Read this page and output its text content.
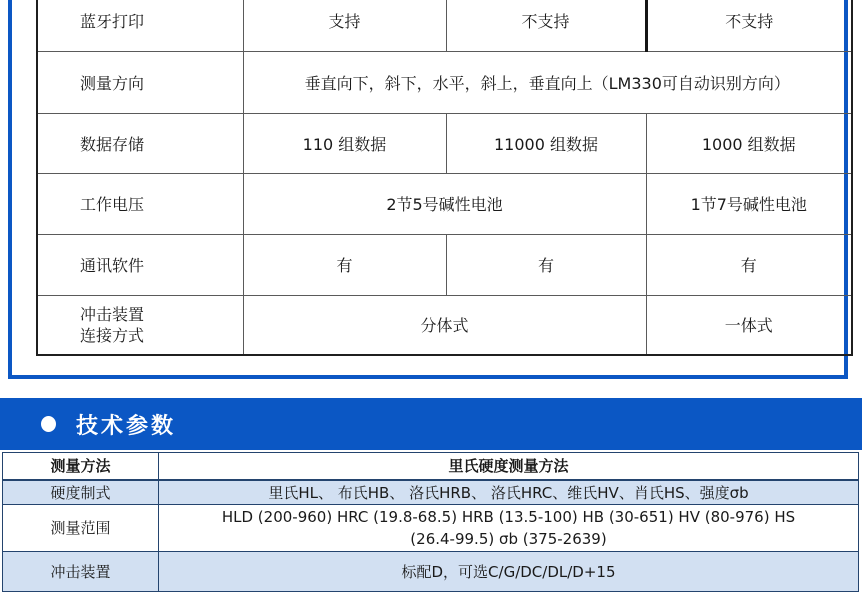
蓝牙打印	支持	不支持	不支持
测量方向	垂直向下，斜下，水平，斜上，垂直向上（LM330可自动识别方向）		
数据存储	110 组数据	11000 组数据	1000 组数据
工作电压	2节5号碱性电池		1节7号碱性电池
通讯软件	有	有	有

冲击装置
连接方式	分体式		一体式
技术参数
测量方法	里氏硬度测量方法
硬度制式	里氏HL、 布氏HB、 洛氏HRB、 洛氏HRC、维氏HV、肖氏HS、强度σb
测量范围	HLD (200-960) HRC (19.8-68.5) HRB (13.5-100) HB (30-651) HV (80-976) HS
(26.4-99.5) σb (375-2639)

冲击装置	标配D，可选C/G/DC/DL/D+15
